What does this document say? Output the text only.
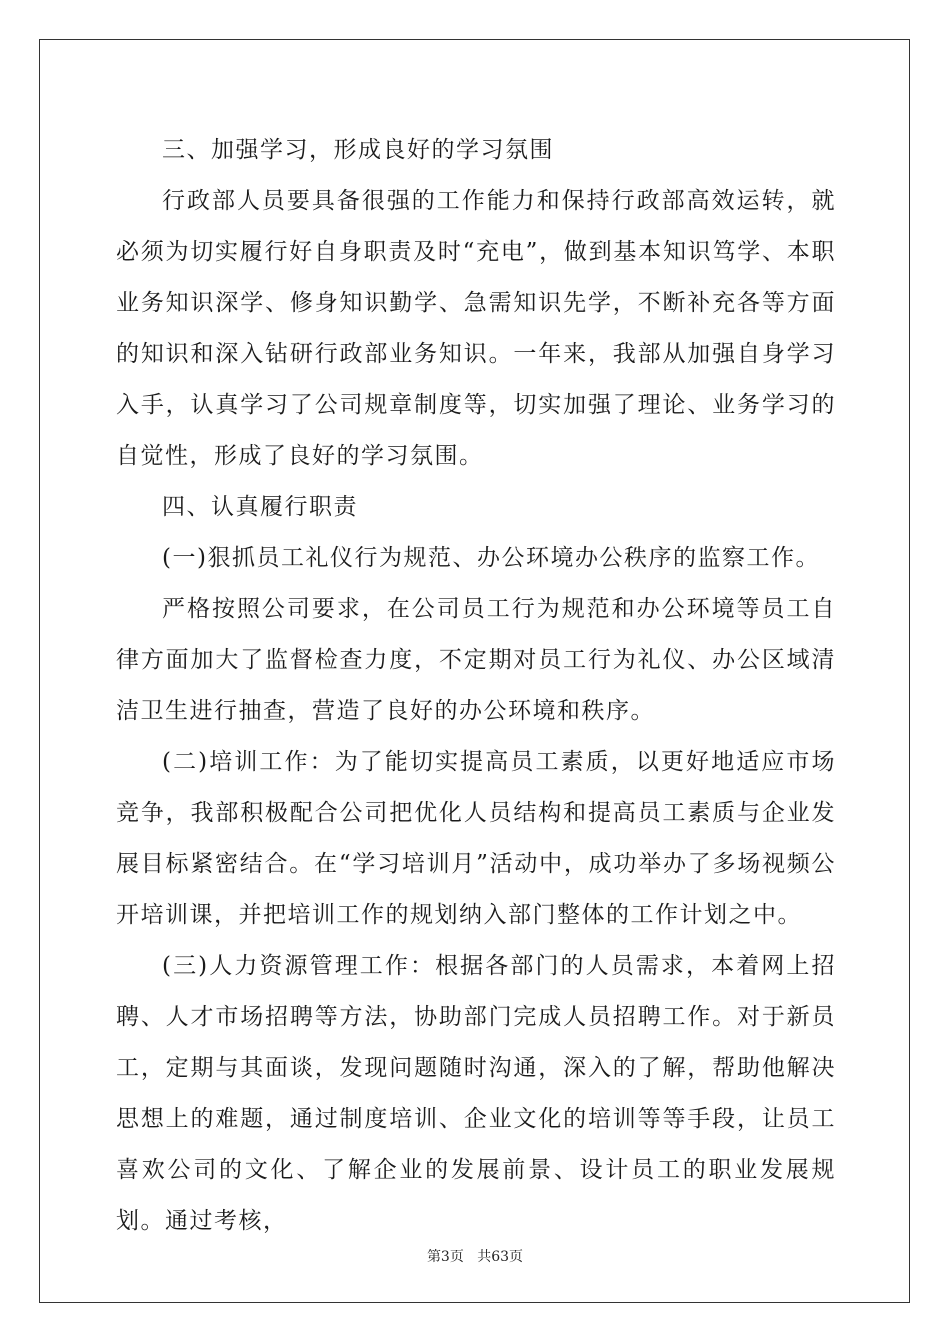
三、加强学习，形成良好的学习氛围

行政部人员要具备很强的工作能力和保持行政部高效运转，就必须为切实履行好自身职责及时“充电”，做到基本知识笃学、本职业务知识深学、修身知识勤学、急需知识先学，不断补充各等方面的知识和深入钻研行政部业务知识。一年来，我部从加强自身学习入手，认真学习了公司规章制度等，切实加强了理论、业务学习的自觉性，形成了良好的学习氛围。

四、认真履行职责

(一)狠抓员工礼仪行为规范、办公环境办公秩序的监察工作。

严格按照公司要求，在公司员工行为规范和办公环境等员工自律方面加大了监督检查力度，不定期对员工行为礼仪、办公区域清洁卫生进行抽查，营造了良好的办公环境和秩序。

(二)培训工作：为了能切实提高员工素质，以更好地适应市场竞争，我部积极配合公司把优化人员结构和提高员工素质与企业发展目标紧密结合。在“学习培训月”活动中，成功举办了多场视频公开培训课，并把培训工作的规划纳入部门整体的工作计划之中。

(三)人力资源管理工作：根据各部门的人员需求，本着网上招聘、人才市场招聘等方法，协助部门完成人员招聘工作。对于新员工，定期与其面谈，发现问题随时沟通，深入的了解，帮助他解决思想上的难题，通过制度培训、企业文化的培训等等手段，让员工喜欢公司的文化、了解企业的发展前景、设计员工的职业发展规划。通过考核，

第3页 共63页
